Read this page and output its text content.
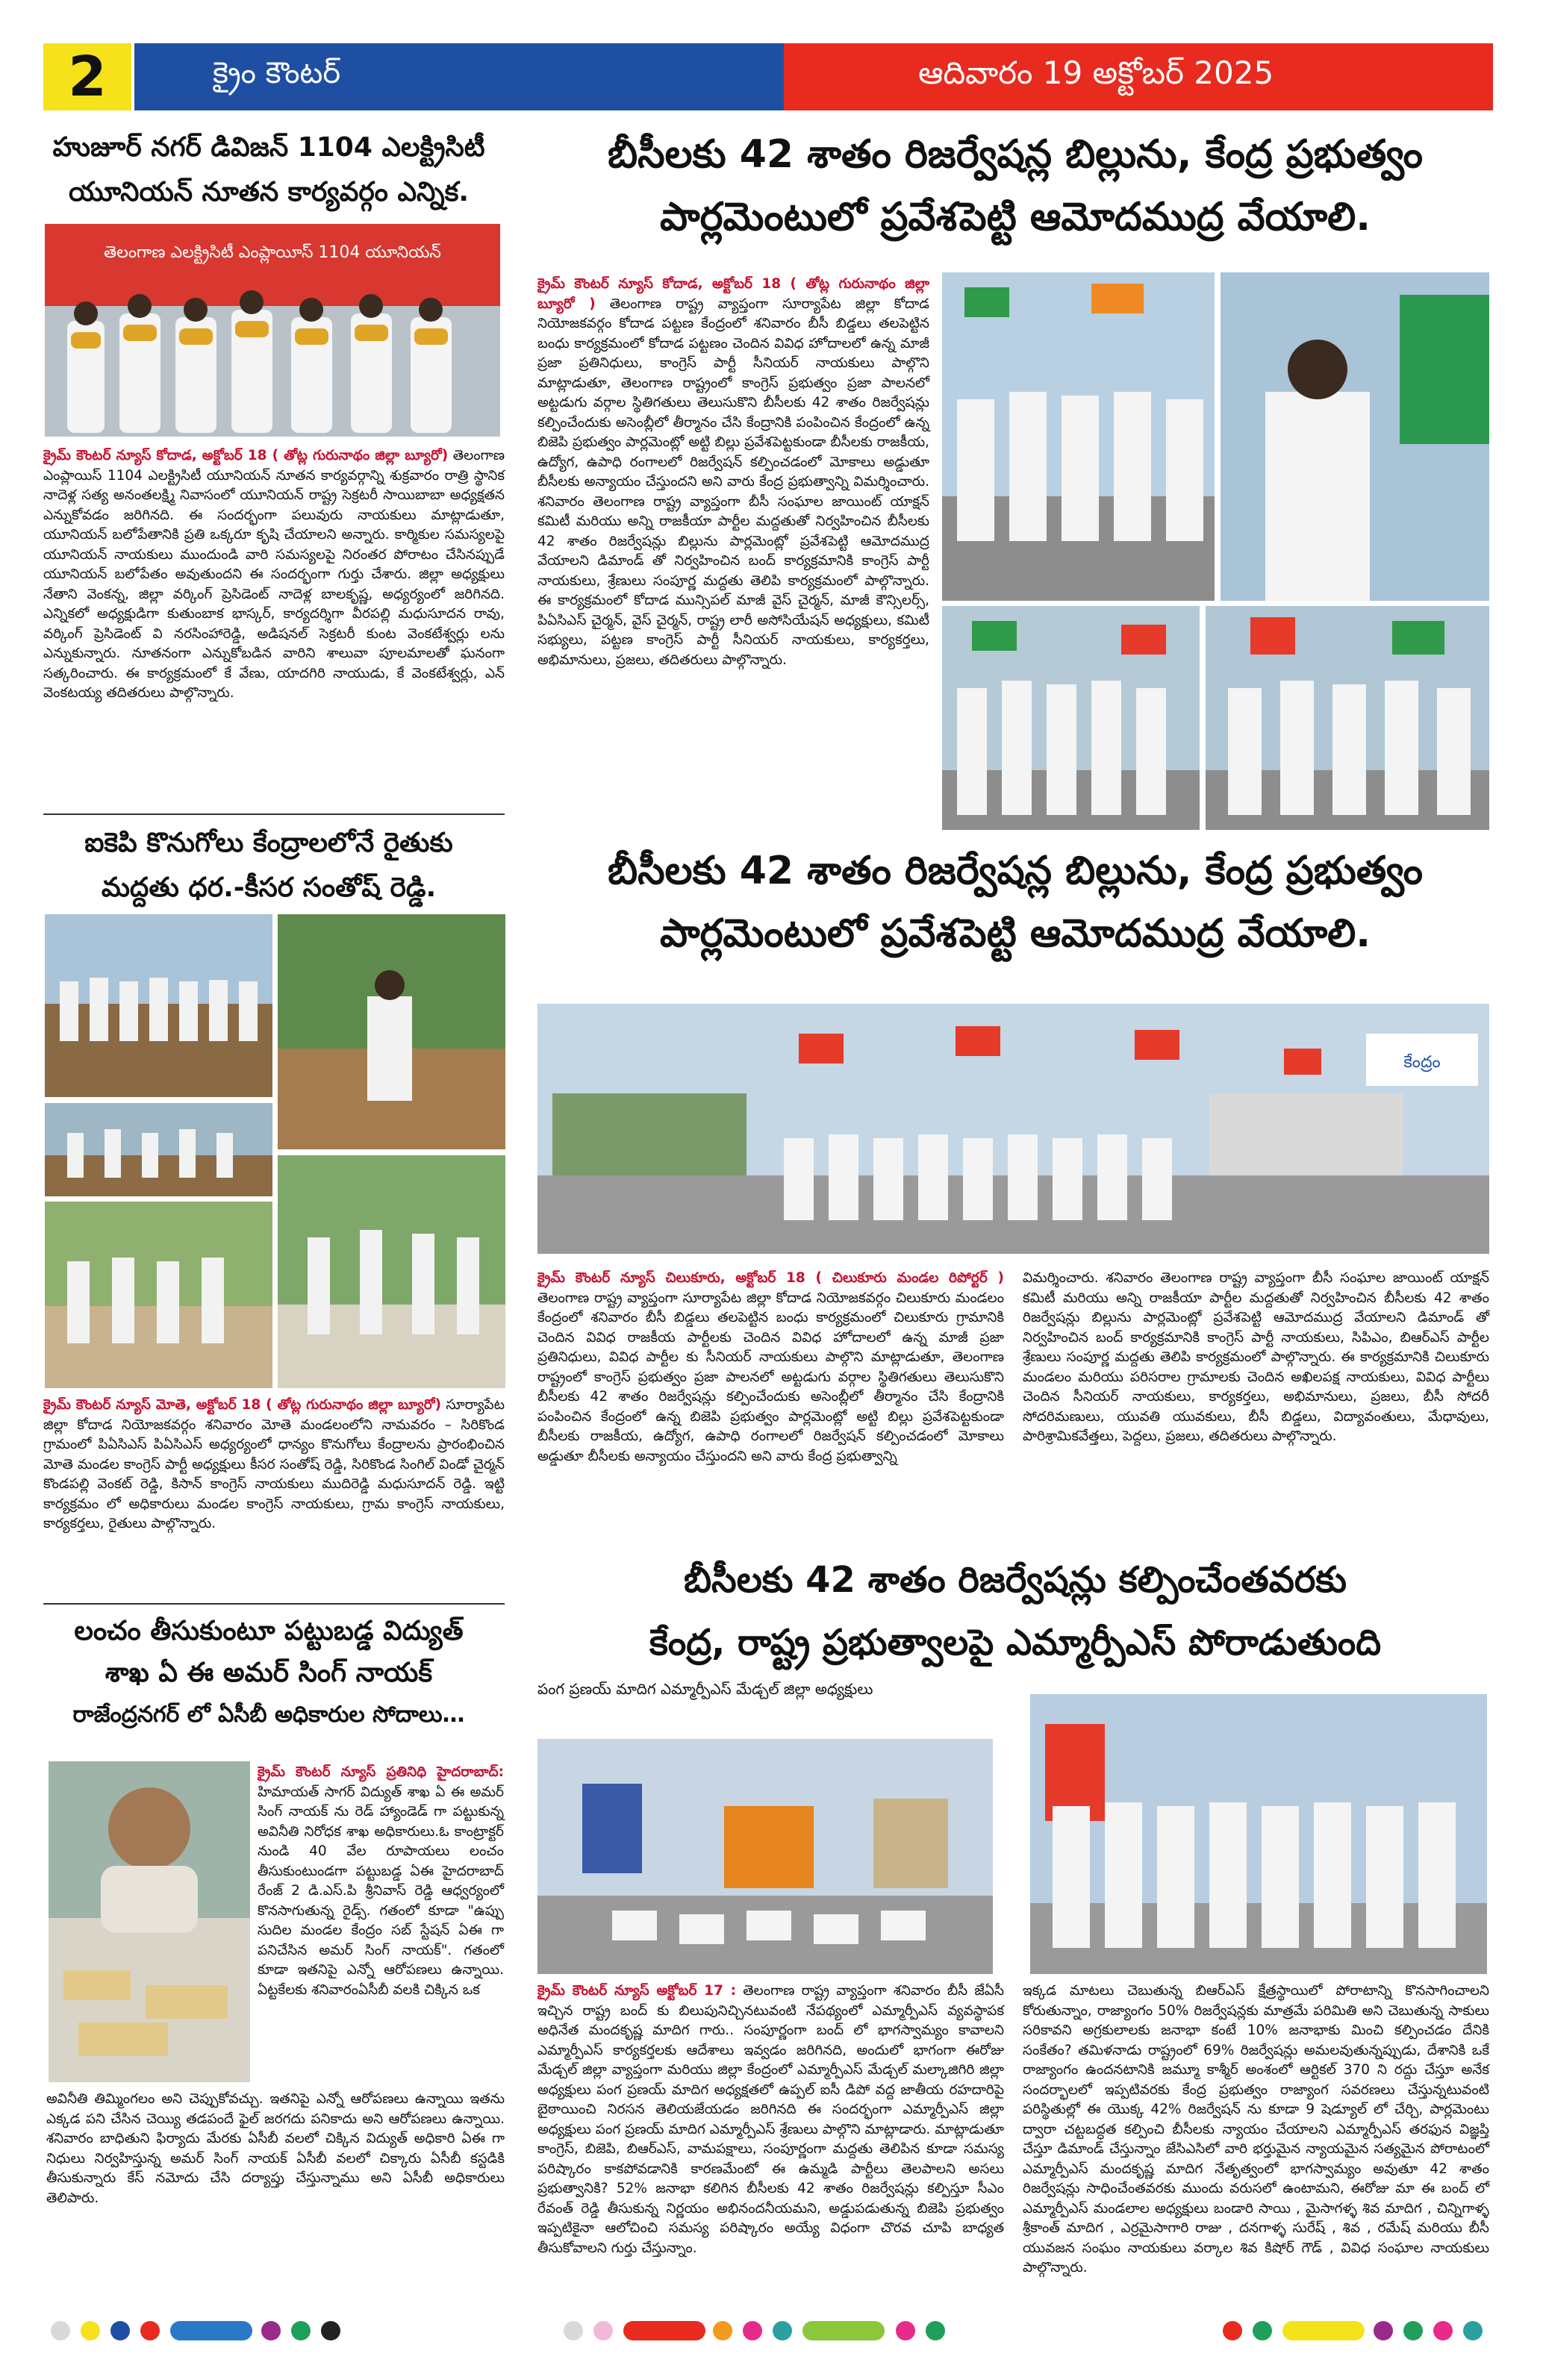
2	క్రైం కౌంటర్	ఆదివారం 19 అక్టోబర్ 2025
హుజూర్ నగర్ డివిజన్ 1104 ఎలక్ట్రిసిటీ
యూనియన్ నూతన కార్యవర్గం ఎన్నిక.
తెలంగాణ ఎలక్ట్రిసిటీ ఎంప్లాయీస్ 1104 యూనియన్
క్రైమ్ కౌంటర్ న్యూస్ కోదాడ, అక్టోబర్ 18 ( తోట్ల గురునాథం జిల్లా బ్యూరో) తెలంగాణ ఎంప్లాయిస్ 1104 ఎలక్ట్రిసిటీ యూనియన్ నూతన కార్యవర్గాన్ని శుక్రవారం రాత్రి స్థానిక నాదెళ్ల సత్య అనంతలక్ష్మి నివాసంలో యూనియన్ రాష్ట్ర సెక్రటరీ సాయిబాబా అధ్యక్షతన ఎన్నుకోవడం జరిగినది. ఈ సందర్భంగా పలువురు నాయకులు మాట్లాడుతూ, యూనియన్ బలోపేతానికి ప్రతి ఒక్కరూ కృషి చేయాలని అన్నారు. కార్మికుల సమస్యలపై యూనియన్ నాయకులు ముందుండి వారి సమస్యలపై నిరంతర పోరాటం చేసినప్పుడే యూనియన్ బలోపేతం అవుతుందని ఈ సందర్భంగా గుర్తు చేశారు. జిల్లా అధ్యక్షులు నేతాని వెంకన్న, జిల్లా వర్కింగ్ ప్రెసిడెంట్ నాదెళ్ల బాలకృష్ణ, అధ్యర్యంలో జరిగినది. ఎన్నికలో అధ్యక్షుడిగా కుతుంబాక భాస్కర్, కార్యదర్శిగా వీరపల్లి మధుసూదన రావు, వర్కింగ్ ప్రెసిడెంట్ వి నరసింహారెడ్డి, అడిషనల్ సెక్రటరీ కుంట వెంకటేశ్వర్లు లను ఎన్నుకున్నారు. నూతనంగా ఎన్నుకోబడిన వారిని శాలువా పూలమాలతో ఘనంగా సత్కరించారు. ఈ కార్యక్రమంలో కే వేణు, యాదగిరి నాయుడు, కే వెంకటేశ్వర్లు, ఎన్ వెంకటయ్య తదితరులు పాల్గొన్నారు.
ఐకెపి కొనుగోలు కేంద్రాలలోనే రైతుకు
మద్దతు ధర.-కీసర సంతోష్ రెడ్డి.
క్రైమ్ కౌంటర్ న్యూస్ మోతె, అక్టోబర్ 18 ( తోట్ల గురునాథం జిల్లా బ్యూరో) సూర్యాపేట జిల్లా కోదాడ నియోజకవర్గం శనివారం మోతె మండలంలోని నామవరం – సిరికొండ గ్రామంలో పిఏసిఎస్ పిఏసిఎస్ అధ్యర్యంలో ధాన్యం కొనుగోలు కేంద్రాలను ప్రారంభించిన మోతె మండల కాంగ్రెస్ పార్టీ అధ్యక్షులు కీసర సంతోష్ రెడ్డి, సిరికొండ సింగిల్ విండో చైర్మన్ కొండపల్లి వెంకట్ రెడ్డి, కిసాన్ కాంగ్రెస్ నాయకులు ముదిరెడ్డి మధుసూదన్ రెడ్డి. ఇట్టి కార్యక్రమం లో అధికారులు మండల కాంగ్రెస్ నాయకులు, గ్రామ కాంగ్రెస్ నాయకులు, కార్యకర్తలు, రైతులు పాల్గొన్నారు.
లంచం తీసుకుంటూ పట్టుబడ్డ విద్యుత్
శాఖ ఏ ఈ అమర్ సింగ్ నాయక్
రాజేంద్రనగర్ లో ఏసీబీ అధికారుల సోదాలు…
క్రైమ్ కౌంటర్ న్యూస్ ప్రతినిధి హైదరాబాద్: హిమాయత్ సాగర్ విద్యుత్ శాఖ ఏ ఈ అమర్ సింగ్ నాయక్ ను రెడ్ హ్యాండెడ్ గా పట్టుకున్న అవినీతి నిరోధక శాఖ అధికారులు.ఓ కాంట్రాక్టర్ నుండి 40 వేల రూపాయలు లంచం తీసుకుంటుండగా పట్టుబడ్డ ఏఈ హైదరాబాద్ రేంజ్ 2 డి.ఎస్.పి శ్రీనివాస్ రెడ్డి ఆధ్వర్యంలో కొనసాగుతున్న రైడ్స్. గతంలో కూడా "ఉప్పు సుదిల మండల కేంద్రం సబ్ స్టేషన్ ఏఈ గా పనిచేసిన అమర్ సింగ్ నాయక్". గతంలో కూడా ఇతనిపై ఎన్నో ఆరోపణలు ఉన్నాయి. ఏట్టకేలకు శనివారంఏసీబీ వలకి చిక్కిన ఒక
అవినీతి తిమ్మింగలం అని చెప్పుకోవచ్చు. ఇతనిపై ఎన్నో ఆరోపణలు ఉన్నాయి ఇతను ఎక్కడ పని చేసిన చెయ్యి తడపందే ఫైల్ జరగదు పనికాదు అని ఆరోపణలు ఉన్నాయి. శనివారం బాధితుని ఫిర్యాదు మేరకు ఏసీబీ వలలో చిక్కిన విద్యుత్ అధికారి ఏఈ గా నిధులు నిర్వహిస్తున్న అమర్ సింగ్ నాయక్ ఏసీబీ వలలో చిక్కారు ఏసీబీ కస్టడికి తీసుకున్నారు కేస్ నమోదు చేసి దర్యాప్తు చేస్తున్నాము అని ఏసీబీ అధికారులు తెలిపారు.
బీసీలకు 42 శాతం రిజర్వేషన్ల బిల్లును, కేంద్ర ప్రభుత్వం
పార్లమెంటులో ప్రవేశపెట్టి ఆమోదముద్ర వేయాలి.
క్రైమ్ కౌంటర్ న్యూస్ కోదాడ, అక్టోబర్ 18 ( తోట్ల గురునాథం జిల్లా బ్యూరో ) తెలంగాణ రాష్ట్ర వ్యాప్తంగా సూర్యాపేట జిల్లా కోదాడ నియోజకవర్గం కోదాడ పట్టణ కేంద్రంలో శనివారం బీసీ బిడ్డలు తలపెట్టిన బంధు కార్యక్రమంలో కోదాడ పట్టణం చెందిన వివిధ హోదాలలో ఉన్న మాజీ ప్రజా ప్రతినిధులు, కాంగ్రెస్ పార్టీ సీనియర్ నాయకులు పాల్గొని మాట్లాడుతూ, తెలంగాణ రాష్ట్రంలో కాంగ్రెస్ ప్రభుత్వం ప్రజా పాలనలో అట్టడుగు వర్గాల స్థితిగతులు తెలుసుకొని బీసీలకు 42 శాతం రిజర్వేషన్లు కల్పించేందుకు అసెంబ్లీలో తీర్మానం చేసి కేంద్రానికి పంపించిన కేంద్రంలో ఉన్న బిజెపి ప్రభుత్వం పార్లమెంట్లో అట్టి బిల్లు ప్రవేశపెట్టకుండా బీసీలకు రాజకీయ, ఉద్యోగ, ఉపాధి రంగాలలో రిజర్వేషన్ కల్పించడంలో మోకాలు అడ్డుతూ బీసీలకు అన్యాయం చేస్తుందని అని వారు కేంద్ర ప్రభుత్వాన్ని విమర్శించారు. శనివారం తెలంగాణ రాష్ట్ర వ్యాప్తంగా బీసీ సంఘాల జాయింట్ యాక్షన్ కమిటీ మరియు అన్ని రాజకీయా పార్టీల మద్దతుతో నిర్వహించిన బీసీలకు 42 శాతం రిజర్వేషన్లు బిల్లును పార్లమెంట్లో ప్రవేశపెట్టి ఆమోదముద్ర వేయాలని డిమాండ్ తో నిర్వహించిన బంద్ కార్యక్రమానికి కాంగ్రెస్ పార్టీ నాయకులు, శ్రేణులు సంపూర్ణ మద్దతు తెలిపి కార్యక్రమంలో పాల్గొన్నారు. ఈ కార్యక్రమంలో కోదాడ మున్సిపల్ మాజీ వైస్ చైర్మన్, మాజీ కౌన్సిలర్స్, పిఏసిఎస్ చైర్మన్, వైస్ చైర్మన్, రాష్ట్ర లారీ అసోసియేషన్ అధ్యక్షులు, కమిటీ సభ్యులు, పట్టణ కాంగ్రెస్ పార్టీ సీనియర్ నాయకులు, కార్యకర్తలు, అభిమానులు, ప్రజలు, తదితరులు పాల్గొన్నారు.
బీసీలకు 42 శాతం రిజర్వేషన్ల బిల్లును, కేంద్ర ప్రభుత్వం
పార్లమెంటులో ప్రవేశపెట్టి ఆమోదముద్ర వేయాలి.
కేంద్రం
క్రైమ్ కౌంటర్ న్యూస్ చిలుకూరు, అక్టోబర్ 18 ( చిలుకూరు మండల రిపోర్టర్ ) తెలంగాణ రాష్ట్ర వ్యాప్తంగా సూర్యాపేట జిల్లా కోదాడ నియోజకవర్గం చిలుకూరు మండలం కేంద్రంలో శనివారం బీసీ బిడ్డలు తలపెట్టిన బంధు కార్యక్రమంలో చిలుకూరు గ్రామానికి చెందిన వివిధ రాజకీయ పార్టీలకు చెందిన వివిధ హోదాలలో ఉన్న మాజీ ప్రజా ప్రతినిధులు, వివిధ పార్టీల కు సీనియర్ నాయకులు పాల్గొని మాట్లాడుతూ, తెలంగాణ రాష్ట్రంలో కాంగ్రెస్ ప్రభుత్వం ప్రజా పాలనలో అట్టడుగు వర్గాల స్థితిగతులు తెలుసుకొని బీసీలకు 42 శాతం రిజర్వేషన్లు కల్పించేందుకు అసెంబ్లీలో తీర్మానం చేసి కేంద్రానికి పంపించిన కేంద్రంలో ఉన్న బిజెపి ప్రభుత్వం పార్లమెంట్లో అట్టి బిల్లు ప్రవేశపెట్టకుండా బీసీలకు రాజకీయ, ఉద్యోగ, ఉపాధి రంగాలలో రిజర్వేషన్ కల్పించడంలో మోకాలు అడ్డుతూ బీసీలకు అన్యాయం చేస్తుందని అని వారు కేంద్ర ప్రభుత్వాన్ని
విమర్శించారు. శనివారం తెలంగాణ రాష్ట్ర వ్యాప్తంగా బీసీ సంఘాల జాయింట్ యాక్షన్ కమిటీ మరియు అన్ని రాజకీయా పార్టీల మద్దతుతో నిర్వహించిన బీసీలకు 42 శాతం రిజర్వేషన్లు బిల్లును పార్లమెంట్లో ప్రవేశపెట్టి ఆమోదముద్ర వేయాలని డిమాండ్ తో నిర్వహించిన బంద్ కార్యక్రమానికి కాంగ్రెస్ పార్టీ నాయకులు, సిపిఎం, బిఆర్ఎస్ పార్టీల శ్రేణులు సంపూర్ణ మద్దతు తెలిపి కార్యక్రమంలో పాల్గొన్నారు. ఈ కార్యక్రమానికి చిలుకూరు మండలం మరియు పరిసరాల గ్రామాలకు చెందిన అఖిలపక్ష నాయకులు, వివిధ పార్టీలు చెందిన సీనియర్ నాయకులు, కార్యకర్తలు, అభిమానులు, ప్రజలు, బీసీ సోదరీ సోదరిమణులు, యువతి యువకులు, బీసీ బిడ్డలు, విద్యావంతులు, మేధావులు, పారిశ్రామికవేత్తలు, పెద్దలు, ప్రజలు, తదితరులు పాల్గొన్నారు.
బీసీలకు 42 శాతం రిజర్వేషన్లు కల్పించేంతవరకు
కేంద్ర, రాష్ట్ర ప్రభుత్వాలపై ఎమ్మార్పీఎస్ పోరాడుతుంది
పంగ ప్రణయ్ మాదిగ ఎమ్మార్పీఎస్ మేడ్చల్ జిల్లా అధ్యక్షులు
క్రైమ్ కౌంటర్ న్యూస్ అక్టోబర్ 17 : తెలంగాణ రాష్ట్ర వ్యాప్తంగా శనివారం బీసీ జేఏసీ ఇచ్చిన రాష్ట్ర బంద్ కు బిలుపునిచ్చినటువంటి నేపథ్యంలో ఎమ్మార్పీఎస్ వ్యవస్థాపక అధినేత మందకృష్ణ మాదిగ గారు.. సంపూర్ణంగా బంద్ లో భాగస్వామ్యం కావాలని ఎమ్మార్పీఎస్ కార్యకర్తలకు ఆదేశాలు ఇవ్వడం జరిగినది, అందులో భాగంగా ఈరోజు మేడ్చల్ జిల్లా వ్యాప్తంగా మరియు జిల్లా కేంద్రంలో ఎమ్మార్పీఎస్ మేడ్చల్ మల్కాజిగిరి జిల్లా అధ్యక్షులు పంగ ప్రణయ్ మాదిగ అధ్యక్షతలో ఉప్పల్ ఐసీ డిపో వద్ద జాతీయ రహదారిపై బైఠాయించి నిరసన తెలియజేయడం జరిగినది ఈ సందర్భంగా ఎమ్మార్పీఎస్ జిల్లా అధ్యక్షులు పంగ ప్రణయ్ మాదిగ ఎమ్మార్పీఎస్ శ్రేణులు పాల్గొని మాట్లాడారు. మాట్లాడుతూ కాంగ్రెస్, బిజెపి, బిఆర్ఎస్, వామపక్షాలు, సంపూర్ణంగా మద్దతు తెలిపిన కూడా సమస్య పరిష్కారం కాకపోవడానికి కారణమేంటో ఈ ఉమ్మడి పార్టీలు తెలపాలని అసలు ప్రభుత్వానికి? 52% జనాభా కలిగిన బీసీలకు 42 శాతం రిజర్వేషన్లు కల్పిస్తూ సీఎం రేవంత్ రెడ్డి తీసుకున్న నిర్ణయం అభినందనీయమని, అడ్డుపడుతున్న బిజెపి ప్రభుత్వం ఇప్పటికైనా ఆలోచించి సమస్య పరిష్కారం అయ్యే విధంగా చొరవ చూపి బాధ్యత తీసుకోవాలని గుర్తు చేస్తున్నాం.
ఇక్కడ మాటలు చెబుతున్న బిఆర్ఎస్ క్షేత్రస్థాయిలో పోరాటాన్ని కొనసాగించాలని కోరుతున్నాం, రాజ్యాంగం 50% రిజర్వేషన్లకు మాత్రమే పరిమితి అని చెబుతున్న సాకులు సరికావని అగ్రకులాలకు జనాభా కంటే 10% జనాభాకు మించి కల్పించడం దేనికి సంకేతం? తమిళనాడు రాష్ట్రంలో 69% రిజర్వేషన్లు అమలవుతున్నప్పుడు, దేశానికి ఒకే రాజ్యాంగం ఉందనటానికి జమ్మూ కాశ్మీర్ అంశంలో ఆర్టికల్ 370 ని రద్దు చేస్తూ అనేక సందర్భాలలో ఇప్పటివరకు కేంద్ర ప్రభుత్వం రాజ్యాంగ సవరణలు చేస్తున్నటువంటి పరిస్థితుల్లో ఈ యొక్క 42% రిజర్వేషన్ ను కూడా 9 షెడ్యూల్ లో చేర్చి, పార్లమెంటు ద్వారా చట్టబద్ధత కల్పించి బీసీలకు న్యాయం చేయాలని ఎమ్మార్పీఎస్ తరఫున విజ్ఞప్తి చేస్తూ డిమాండ్ చేస్తున్నాం జేసిఎసిలో వారి భర్తుమైన న్యాయమైన సత్యమైన పోరాటంలో ఎమ్మార్పీఎస్ మందకృష్ణ మాదిగ నేతృత్వంలో భాగస్వామ్యం అవుతూ 42 శాతం రిజర్వేషన్లు సాధించేంతవరకు ముందు వరుసలో ఉంటామని, ఈరోజు మా ఈ బంద్ లో ఎమ్మార్పీఎస్ మండలాల అధ్యక్షులు బండారి సాయి , మైసాగళ్ళ శివ మాదిగ , చిన్నిగాళ్ళ శ్రీకాంత్ మాదిగ , ఎర్రమైసాగారి రాజు , దనగాళ్ళ సురేష్ , శివ , రమేష్ మరియు బీసీ యువజన సంఘం నాయకులు వర్కాల శివ కిషోర్ గౌడ్ , వివిధ సంఘాల నాయకులు పాల్గొన్నారు.
